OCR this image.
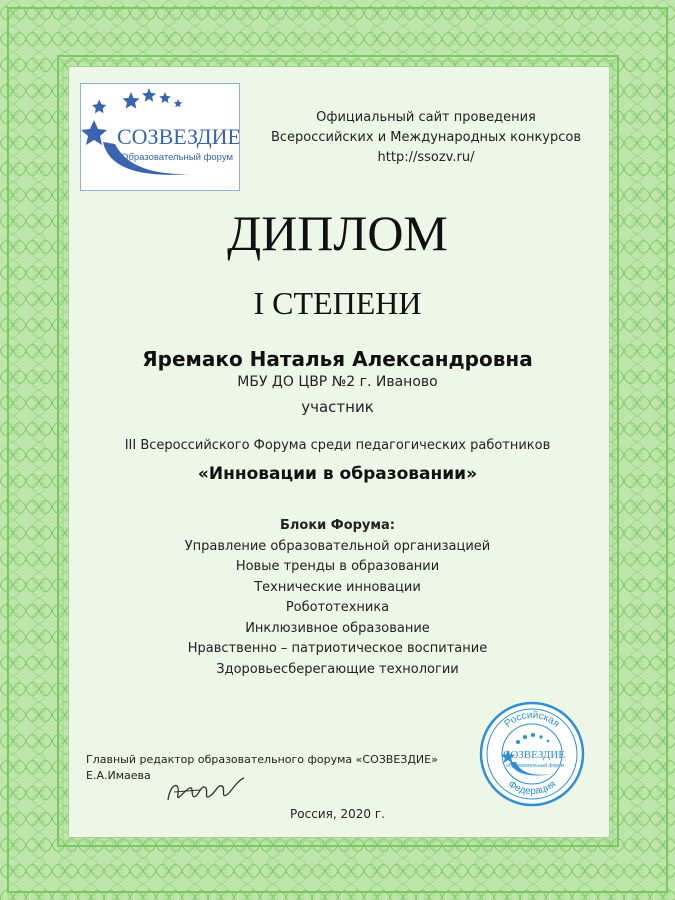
СОЗВЕЗДИЕ
Образовательный форум
Официальный сайт проведения
Всероссийских и Международных конкурсов
http://ssozv.ru/
ДИПЛОМ
I СТЕПЕНИ
Яремако Наталья Александровна
МБУ ДО ЦВР №2 г. Иваново
участник
III Всероссийского Форума среди педагогических работников
«Инновации в образовании»
Блоки Форума:
Управление образовательной организацией
Новые тренды в образовании
Технические инновации
Робототехника
Инклюзивное образование
Нравственно – патриотическое воспитание
Здоровьесберегающие технологии
Главный редактор образовательного форума «СОЗВЕЗДИЕ»
Е.А.Имаева
Россия, 2020 г.
Российская
Федерация
СОЗВЕЗДИЕ
образовательный форум
